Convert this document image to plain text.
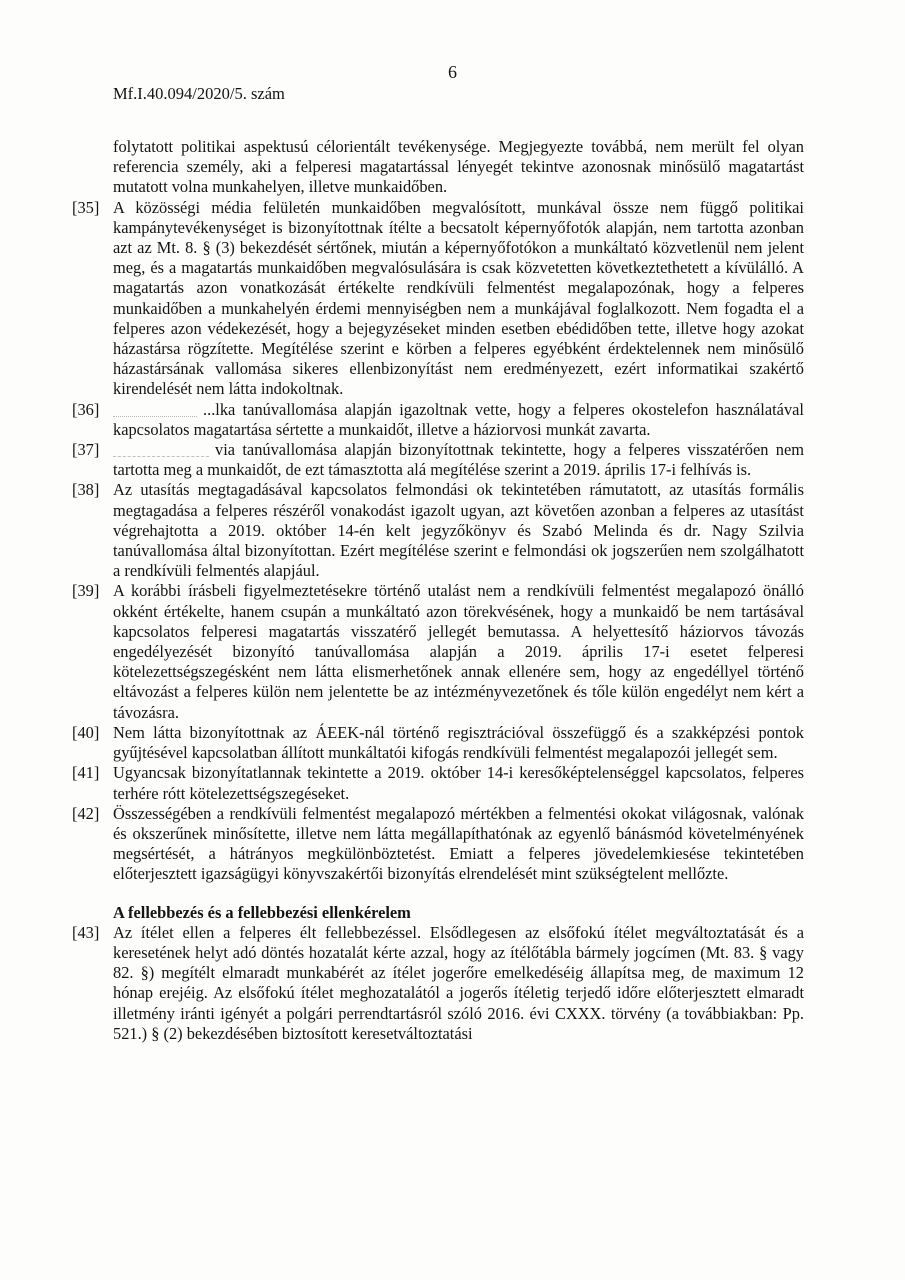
6
Mf.I.40.094/2020/5. szám

folytatott politikai aspektusú célorientált tevékenysége. Megjegyezte továbbá, nem merült fel olyan referencia személy, aki a felperesi magatartással lényegét tekintve azonosnak minősülő magatartást mutatott volna munkahelyen, illetve munkaidőben.

[35] A közösségi média felületén munkaidőben megvalósított, munkával össze nem függő politikai kampánytevékenységet is bizonyítottnak ítélte a becsatolt képernyőfotók alapján, nem tartotta azonban azt az Mt. 8. § (3) bekezdését sértőnek, miután a képernyőfotókon a munkáltató közvetlenül nem jelent meg, és a magatartás munkaidőben megvalósulására is csak közvetetten következtethetett a kívülálló. A magatartás azon vonatkozását értékelte rendkívüli felmentést megalapozónak, hogy a felperes munkaidőben a munkahelyén érdemi mennyiségben nem a munkájával foglalkozott. Nem fogadta el a felperes azon védekezését, hogy a bejegyzéseket minden esetben ebédidőben tette, illetve hogy azokat házastársa rögzítette. Megítélése szerint e körben a felperes egyébként érdektelennek nem minősülő házastársának vallomása sikeres ellenbizonyítást nem eredményezett, ezért informatikai szakértő kirendelését nem látta indokoltnak.

[36]	...lka tanúvallomása alapján igazoltnak vette, hogy a felperes okostelefon használatával kapcsolatos magatartása sértette a munkaidőt, illetve a háziorvosi munkát zavarta.

[37]	via tanúvallomása alapján bizonyítottnak tekintette, hogy a felperes visszatérően nem tartotta meg a munkaidőt, de ezt támasztotta alá megítélése szerint a 2019. április 17-i felhívás is.

[38] Az utasítás megtagadásával kapcsolatos felmondási ok tekintetében rámutatott, az utasítás formális megtagadása a felperes részéről vonakodást igazolt ugyan, azt követően azonban a felperes az utasítást végrehajtotta a 2019. október 14-én kelt jegyzőkönyv és Szabó Melinda és dr. Nagy Szilvia tanúvallomása által bizonyítottan. Ezért megítélése szerint e felmondási ok jogszerűen nem szolgálhatott a rendkívüli felmentés alapjául.

[39] A korábbi írásbeli figyelmeztetésekre történő utalást nem a rendkívüli felmentést megalapozó önálló okként értékelte, hanem csupán a munkáltató azon törekvésének, hogy a munkaidő be nem tartásával kapcsolatos felperesi magatartás visszatérő jellegét bemutassa. A helyettesítő háziorvos távozás engedélyezését bizonyító tanúvallomása alapján a 2019. április 17-i esetet felperesi kötelezettségszegésként nem látta elismerhetőnek annak ellenére sem, hogy az engedéllyel történő eltávozást a felperes külön nem jelentette be az intézményvezetőnek és tőle külön engedélyt nem kért a távozásra.

[40] Nem látta bizonyítottnak az ÁEEK-nál történő regisztrációval összefüggő és a szakképzési pontok gyűjtésével kapcsolatban állított munkáltatói kifogás rendkívüli felmentést megalapozói jellegét sem.

[41] Ugyancsak bizonyítatlannak tekintette a 2019. október 14-i keresőképtelenséggel kapcsolatos, felperes terhére rótt kötelezettségszegéseket.

[42] Összességében a rendkívüli felmentést megalapozó mértékben a felmentési okokat világosnak, valónak és okszerűnek minősítette, illetve nem látta megállapíthatónak az egyenlő bánásmód követelményének megsértését, a hátrányos megkülönböztetést. Emiatt a felperes jövedelemkiesése tekintetében előterjesztett igazságügyi könyvszakértői bizonyítás elrendelését mint szükségtelent mellőzte.

A fellebbezés és a fellebbezési ellenkérelem

[43] Az ítélet ellen a felperes élt fellebbezéssel. Elsődlegesen az elsőfokú ítélet megváltoztatását és a keresetének helyt adó döntés hozatalát kérte azzal, hogy az ítélőtábla bármely jogcímen (Mt. 83. § vagy 82. §) megítélt elmaradt munkabérét az ítélet jogerőre emelkedéséig állapítsa meg, de maximum 12 hónap erejéig. Az elsőfokú ítélet meghozatalától a jogerős ítéletig terjedő időre előterjesztett elmaradt illetmény iránti igényét a polgári perrendtartásról szóló 2016. évi CXXX. törvény (a továbbiakban: Pp. 521.) § (2) bekezdésében biztosított keresetváltoztatási
